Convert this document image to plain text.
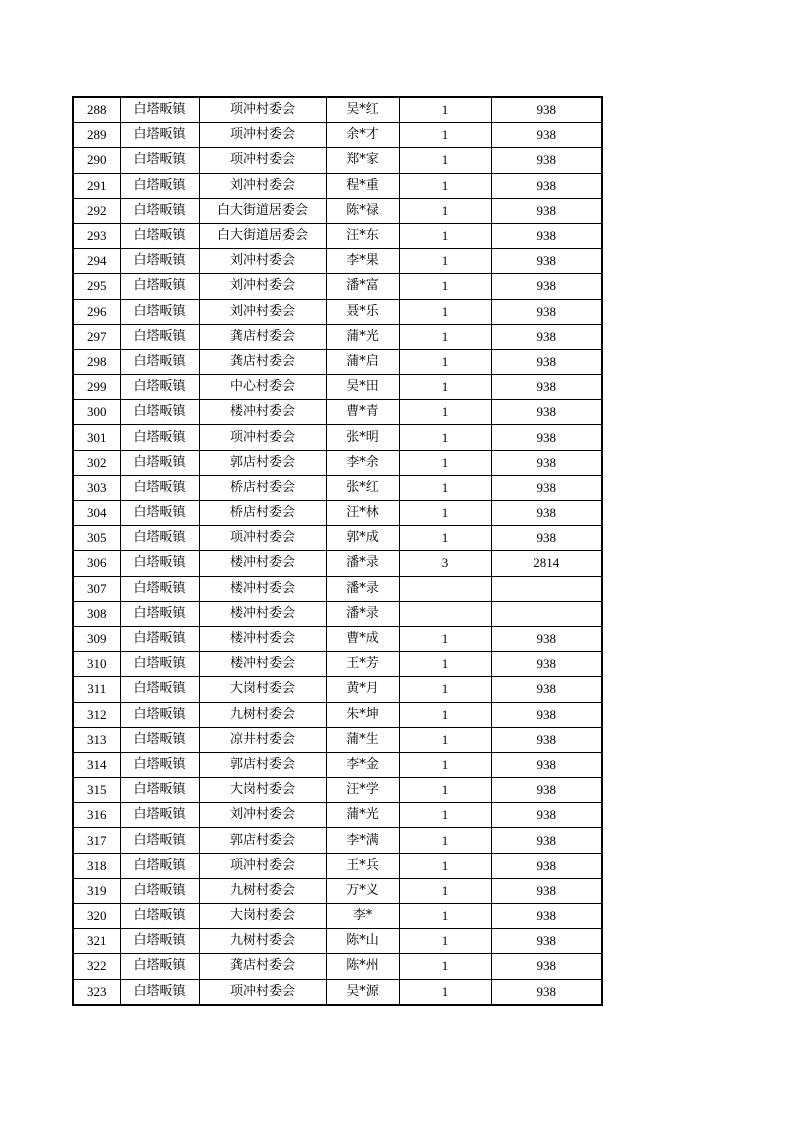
288	白塔畈镇	项冲村委会	吴*红	1	938
289	白塔畈镇	项冲村委会	余*才	1	938
290	白塔畈镇	项冲村委会	郑*家	1	938
291	白塔畈镇	刘冲村委会	程*重	1	938
292	白塔畈镇	白大街道居委会	陈*禄	1	938
293	白塔畈镇	白大街道居委会	汪*东	1	938
294	白塔畈镇	刘冲村委会	李*果	1	938
295	白塔畈镇	刘冲村委会	潘*富	1	938
296	白塔畈镇	刘冲村委会	聂*乐	1	938
297	白塔畈镇	龚店村委会	蒲*光	1	938
298	白塔畈镇	龚店村委会	蒲*启	1	938
299	白塔畈镇	中心村委会	吴*田	1	938
300	白塔畈镇	楼冲村委会	曹*青	1	938
301	白塔畈镇	项冲村委会	张*明	1	938
302	白塔畈镇	郭店村委会	李*余	1	938
303	白塔畈镇	桥店村委会	张*红	1	938
304	白塔畈镇	桥店村委会	汪*林	1	938
305	白塔畈镇	项冲村委会	郭*成	1	938
306	白塔畈镇	楼冲村委会	潘*录	3	2814
307	白塔畈镇	楼冲村委会	潘*录		
308	白塔畈镇	楼冲村委会	潘*录		
309	白塔畈镇	楼冲村委会	曹*成	1	938
310	白塔畈镇	楼冲村委会	王*芳	1	938
311	白塔畈镇	大岗村委会	黄*月	1	938
312	白塔畈镇	九树村委会	朱*坤	1	938
313	白塔畈镇	凉井村委会	蒲*生	1	938
314	白塔畈镇	郭店村委会	李*金	1	938
315	白塔畈镇	大岗村委会	汪*学	1	938
316	白塔畈镇	刘冲村委会	蒲*光	1	938
317	白塔畈镇	郭店村委会	李*满	1	938
318	白塔畈镇	项冲村委会	王*兵	1	938
319	白塔畈镇	九树村委会	万*义	1	938
320	白塔畈镇	大岗村委会	李*	1	938
321	白塔畈镇	九树村委会	陈*山	1	938
322	白塔畈镇	龚店村委会	陈*州	1	938
323	白塔畈镇	项冲村委会	吴*源	1	938
